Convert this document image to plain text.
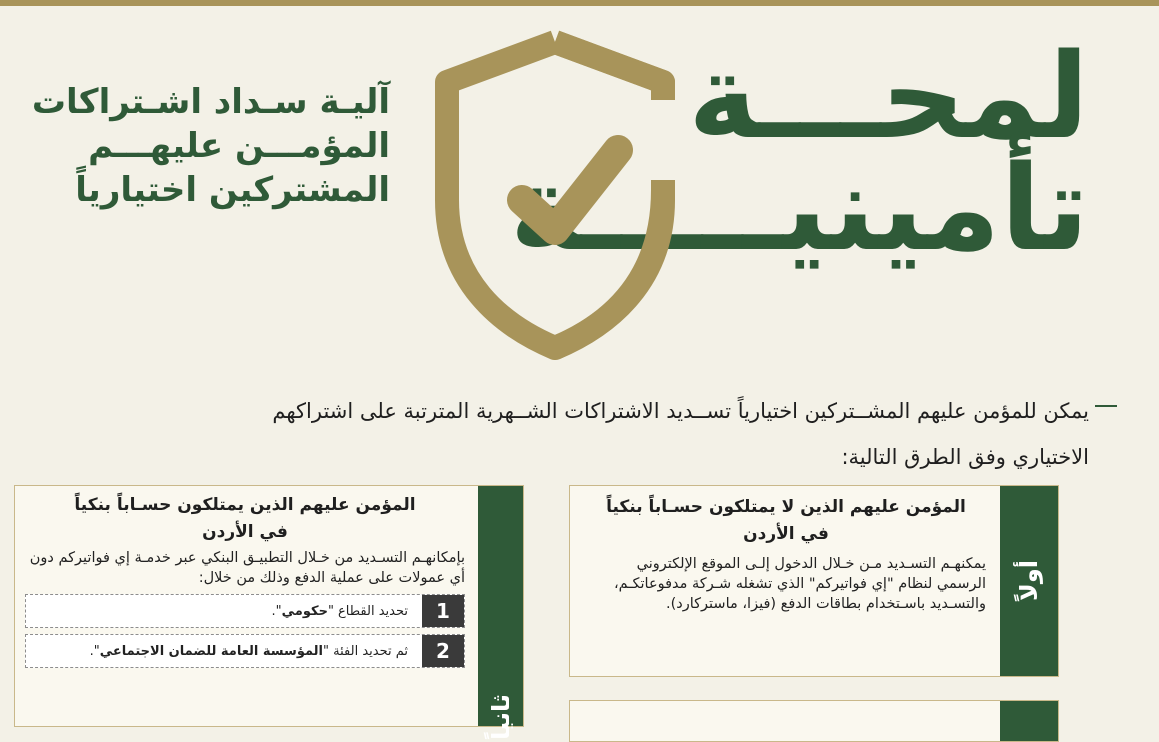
لمحـــة
تأمينيـــــة
آليـة سـداد اشـتراكات
المؤمـــن عليهـــم
المشتركين اختيارياً
يمكن للمؤمن عليهم المشــتركين اختيارياً تســديد الاشتراكات الشــهرية المترتبة على اشتراكهم
الاختياري وفق الطرق التالية:
أولاً
المؤمن عليهم الذين لا يمتلكون حسـاباً بنكياً
في الأردن
يمكنهـم التسـديد مـن خـلال الدخول إلـى الموقع الإلكتروني الرسمي لنظام "إي فواتيركم" الذي تشغله شـركة مدفوعاتكـم، والتسـديد باسـتخدام بطاقات الدفع (فيزا، ماستركارد).
ثانياً
المؤمن عليهم الذين يمتلكون حسـاباً بنكياً
في الأردن
بإمكانهـم التسـديد من خـلال التطبيـق البنكي عبر خدمـة إي فواتيركم دون أي عمولات على عملية الدفع وذلك من خلال:
1
تحديد القطاع "حكومي".
2
ثم تحديد الفئة "المؤسسة العامة للضمان الاجتماعي".
